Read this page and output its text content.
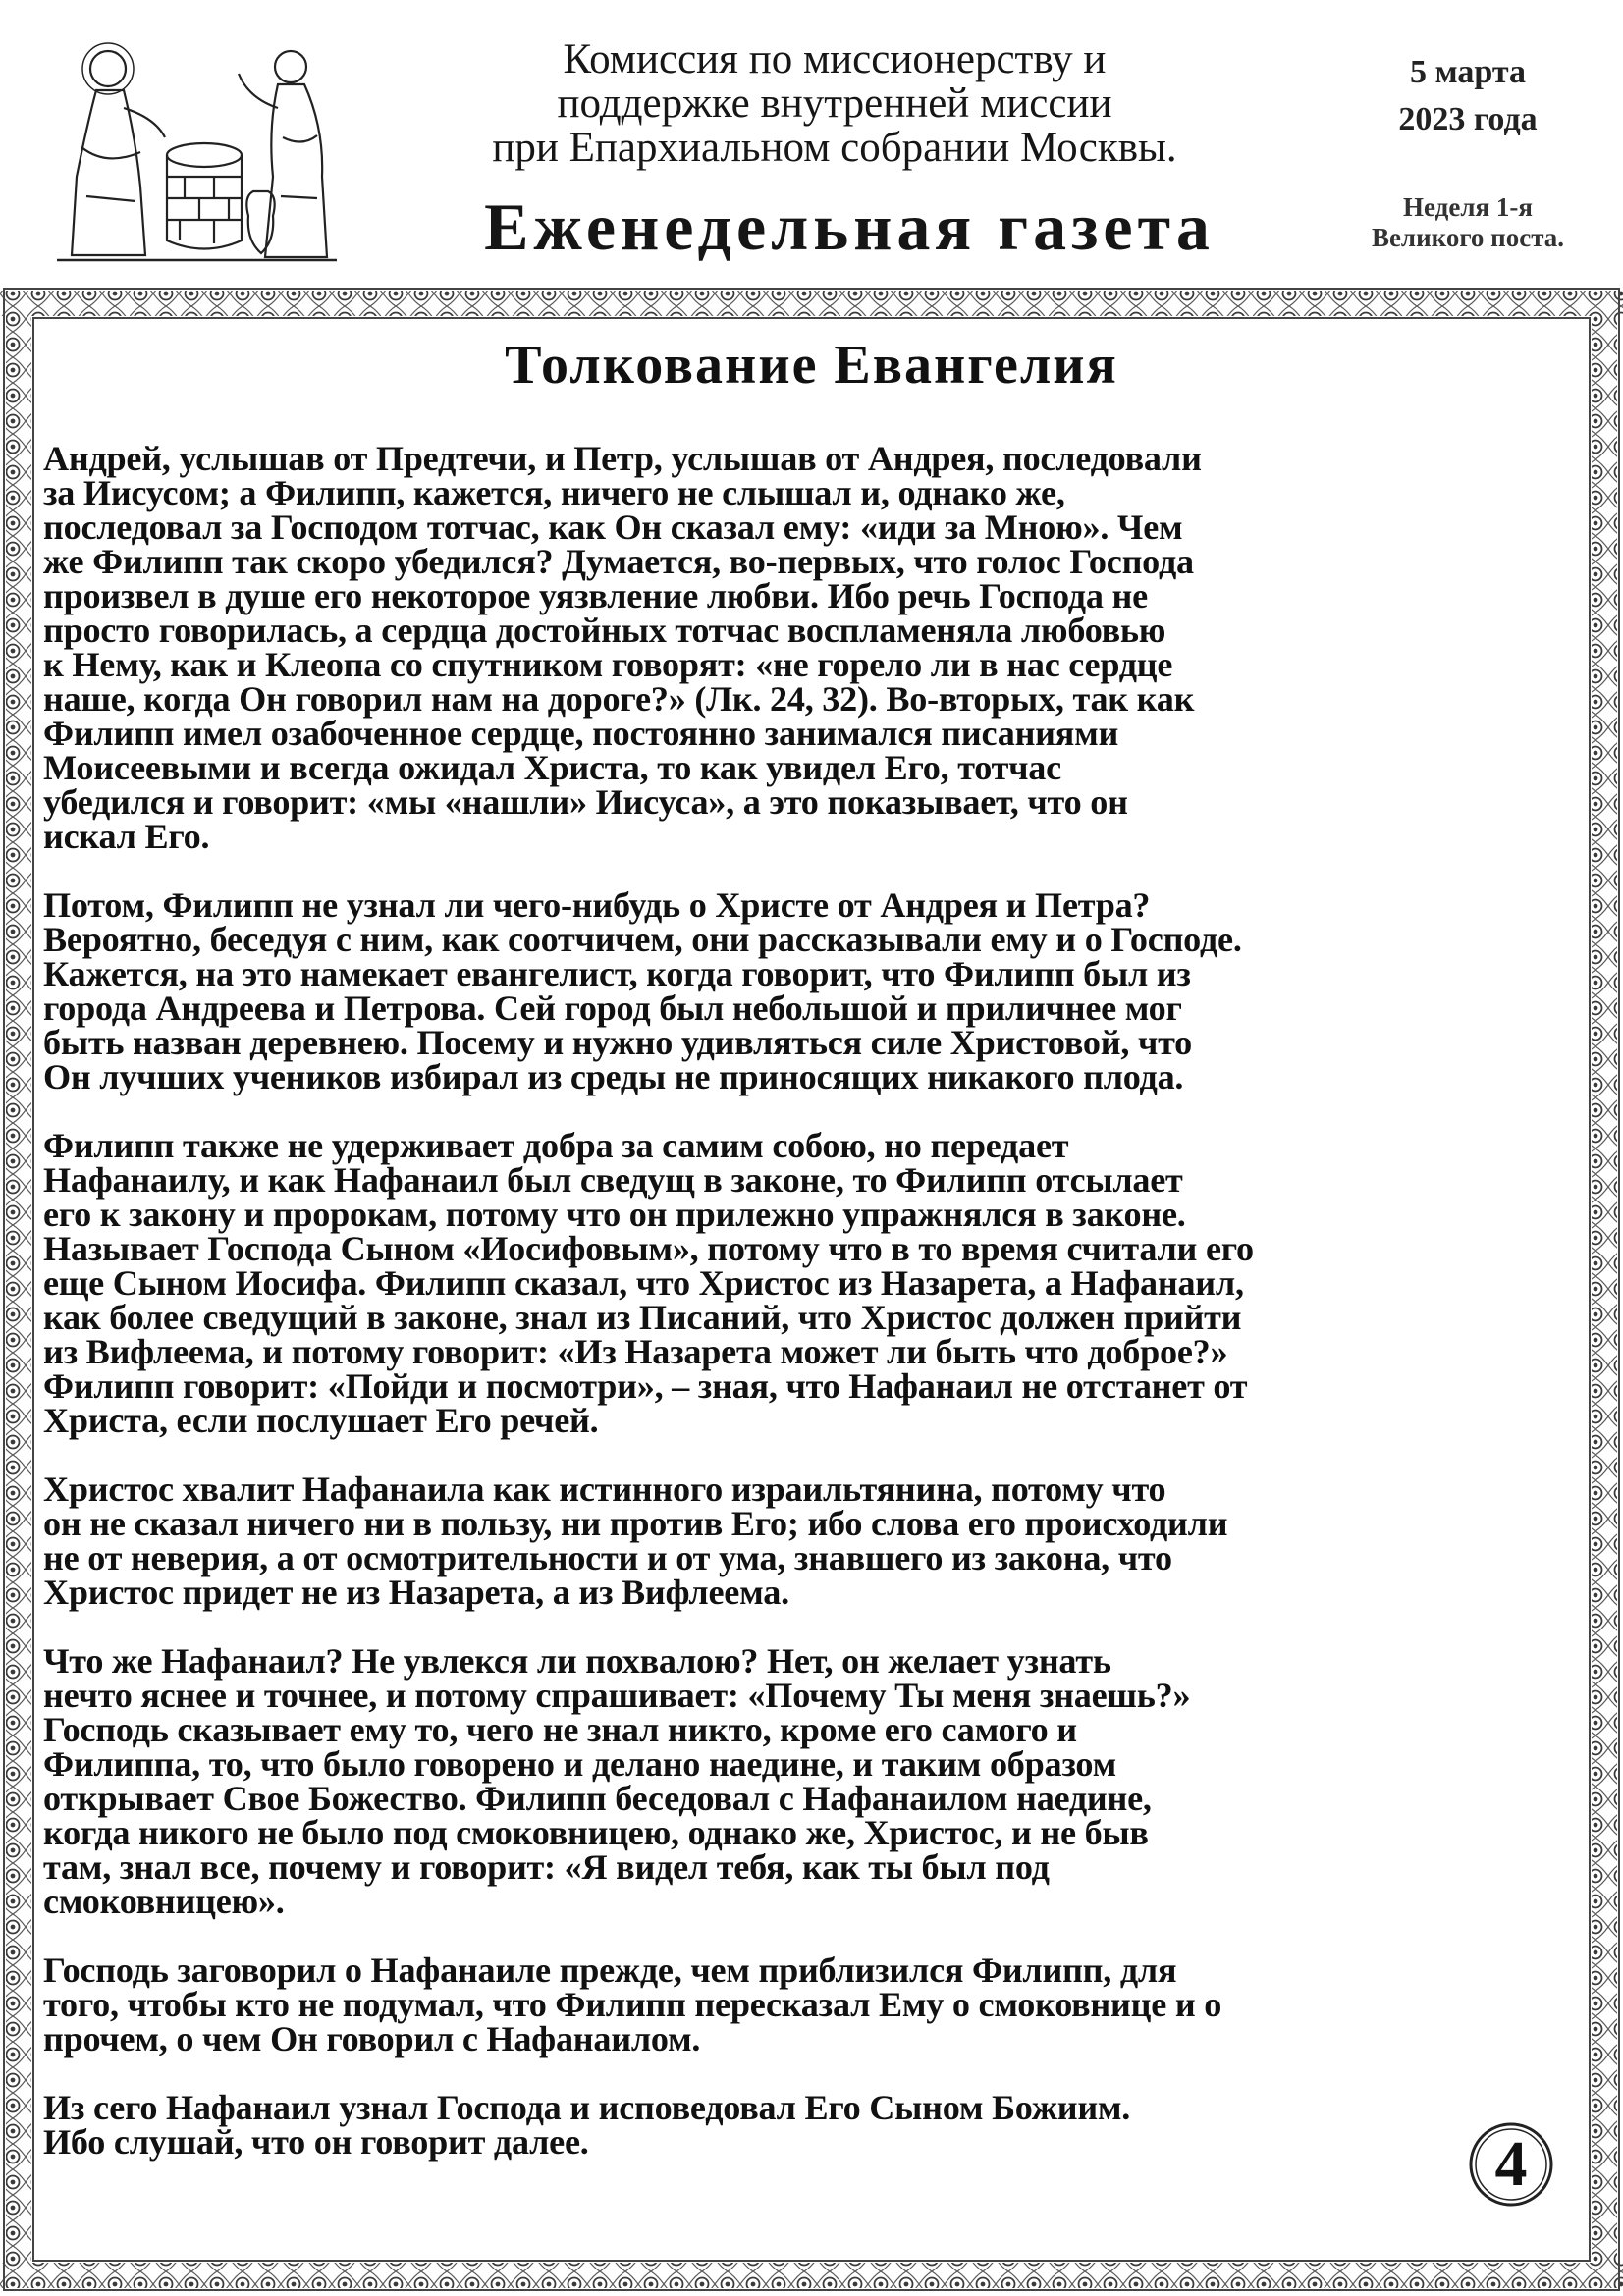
Комиссия по миссионерству и
поддержке внутренней миссии
при Епархиальном собрании Москвы.
Еженедельная газета
5 марта
2023 года
Неделя 1-я
Великого поста.
Толкование Евангелия
Андрей, услышав от Предтечи, и Петр, услышав от Андрея, последовали
за Иисусом; а Филипп, кажется, ничего не слышал и, однако же,
последовал за Господом тотчас, как Он сказал ему: «иди за Мною». Чем
же Филипп так скоро убедился? Думается, во-первых, что голос Господа
произвел в душе его некоторое уязвление любви. Ибо речь Господа не
просто говорилась, а сердца достойных тотчас воспламеняла любовью
к Нему, как и Клеопа со спутником говорят: «не горело ли в нас сердце
наше, когда Он говорил нам на дороге?» (Лк. 24, 32). Во-вторых, так как
Филипп имел озабоченное сердце, постоянно занимался писаниями
Моисеевыми и всегда ожидал Христа, то как увидел Его, тотчас
убедился и говорит: «мы «нашли» Иисуса», а это показывает, что он
искал Его.
Потом, Филипп не узнал ли чего-нибудь о Христе от Андрея и Петра?
Вероятно, беседуя с ним, как соотчичем, они рассказывали ему и о Господе.
Кажется, на это намекает евангелист, когда говорит, что Филипп был из
города Андреева и Петрова. Сей город был небольшой и приличнее мог
быть назван деревнею. Посему и нужно удивляться силе Христовой, что
Он лучших учеников избирал из среды не приносящих никакого плода.
Филипп также не удерживает добра за самим собою, но передает
Нафанаилу, и как Нафанаил был сведущ в законе, то Филипп отсылает
его к закону и пророкам, потому что он прилежно упражнялся в законе.
Называет Господа Сыном «Иосифовым», потому что в то время считали его
еще Сыном Иосифа. Филипп сказал, что Христос из Назарета, а Нафанаил,
как более сведущий в законе, знал из Писаний, что Христос должен прийти
из Вифлеема, и потому говорит: «Из Назарета может ли быть что доброе?»
Филипп говорит: «Пойди и посмотри», – зная, что Нафанаил не отстанет от
Христа, если послушает Его речей.
Христос хвалит Нафанаила как истинного израильтянина, потому что
он не сказал ничего ни в пользу, ни против Его; ибо слова его происходили
не от неверия, а от осмотрительности и от ума, знавшего из закона, что
Христос придет не из Назарета, а из Вифлеема.
Что же Нафанаил? Не увлекся ли похвалою? Нет, он желает узнать
нечто яснее и точнее, и потому спрашивает: «Почему Ты меня знаешь?»
Господь сказывает ему то, чего не знал никто, кроме его самого и
Филиппа, то, что было говорено и делано наедине, и таким образом
открывает Свое Божество. Филипп беседовал с Нафанаилом наедине,
когда никого не было под смоковницею, однако же, Христос, и не быв
там, знал все, почему и говорит: «Я видел тебя, как ты был под
смоковницею».
Господь заговорил о Нафанаиле прежде, чем приблизился Филипп, для
того, чтобы кто не подумал, что Филипп пересказал Ему о смоковнице и о
прочем, о чем Он говорил с Нафанаилом.
Из сего Нафанаил узнал Господа и исповедовал Его Сыном Божиим.
Ибо слушай, что он говорит далее.	4
